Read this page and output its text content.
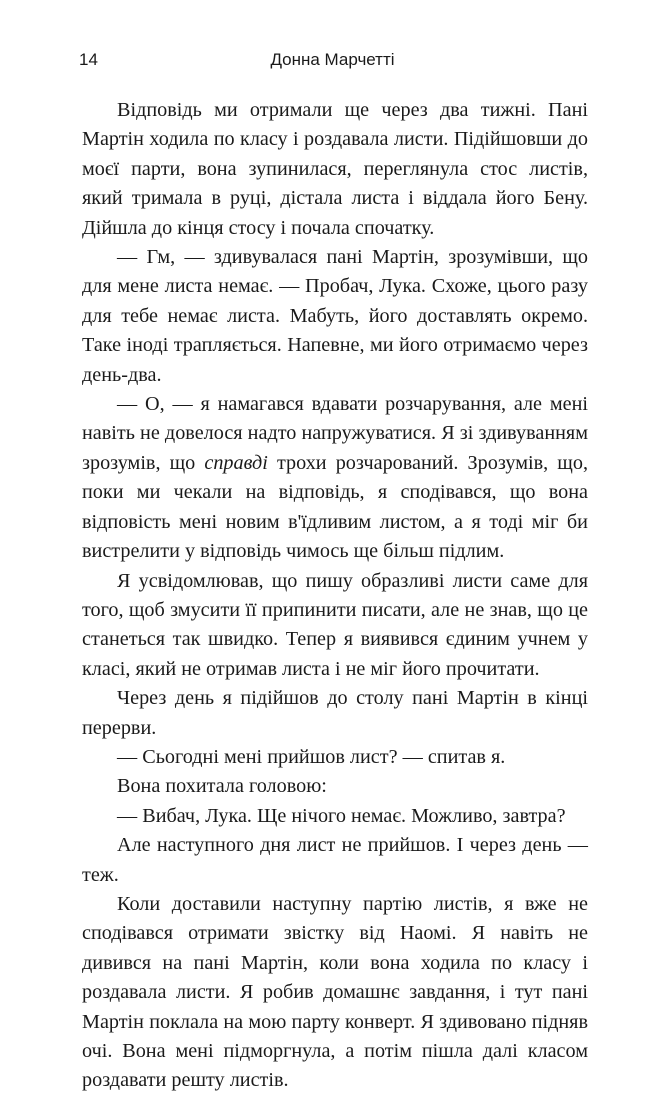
14	Донна Марчетті

Відповідь ми отримали ще через два тижні. Пані Мартін ходила по класу і роздавала листи. Підійшовши до моєї парти, вона зупинилася, переглянула стос листів, який тримала в руці, дістала листа і віддала його Бену. Дійшла до кінця стосу і почала спочатку.

— Гм, — здивувалася пані Мартін, зрозумівши, що для мене листа немає. — Пробач, Лука. Схоже, цього разу для тебе немає листа. Мабуть, його доставлять окремо. Таке іноді трапляється. Напевне, ми його отримаємо через день-два.

— О, — я намагався вдавати розчарування, але мені навіть не довелося надто напружуватися. Я зі здивуванням зрозумів, що справді трохи розчарований. Зрозумів, що, поки ми чекали на відповідь, я сподівався, що вона відповість мені новим в'їдливим листом, а я тоді міг би вистрелити у відповідь чимось ще більш підлим.

Я усвідомлював, що пишу образливі листи саме для того, щоб змусити її припинити писати, але не знав, що це станеться так швидко. Тепер я виявився єдиним учнем у класі, який не отримав листа і не міг його прочитати.

Через день я підійшов до столу пані Мартін в кінці перерви.

— Сьогодні мені прийшов лист? — спитав я.

Вона похитала головою:

— Вибач, Лука. Ще нічого немає. Можливо, завтра?

Але наступного дня лист не прийшов. І через день — теж.

Коли доставили наступну партію листів, я вже не сподівався отримати звістку від Наомі. Я навіть не дивився на пані Мартін, коли вона ходила по класу і роздавала листи. Я робив домашнє завдання, і тут пані Мартін поклала на мою парту конверт. Я здивовано підняв очі. Вона мені підморгнула, а потім пішла далі класом роздавати решту листів.
